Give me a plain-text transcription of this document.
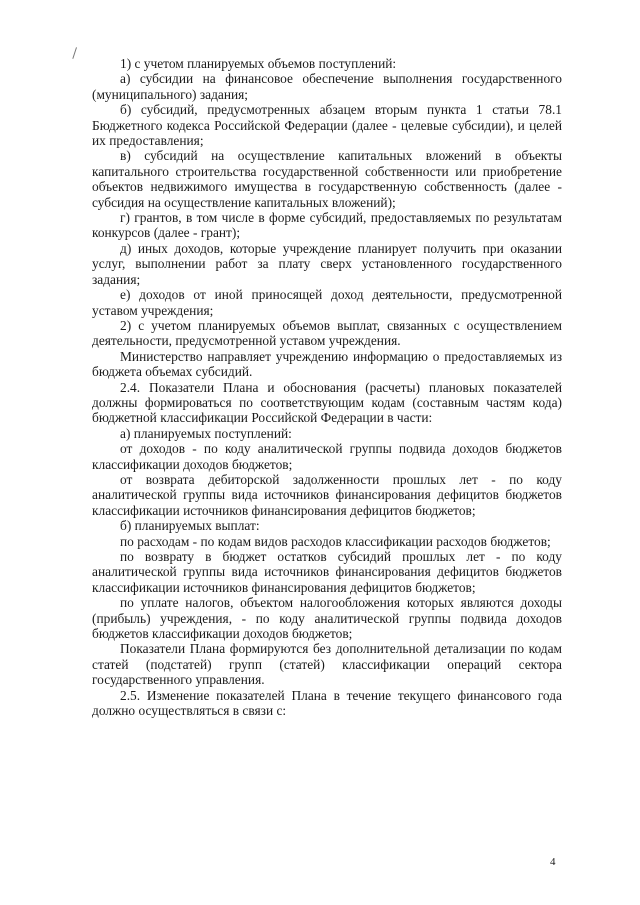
1) с учетом планируемых объемов поступлений:

а) субсидии на финансовое обеспечение выполнения государственного (муниципального) задания;

б) субсидий, предусмотренных абзацем вторым пункта 1 статьи 78.1 Бюджетного кодекса Российской Федерации (далее - целевые субсидии), и целей их предоставления;

в) субсидий на осуществление капитальных вложений в объекты капитального строительства государственной собственности или приобретение объектов недвижимого имущества в государственную собственность (далее - субсидия на осуществление капитальных вложений);

г) грантов, в том числе в форме субсидий, предоставляемых по результатам конкурсов (далее - грант);

д) иных доходов, которые учреждение планирует получить при оказании услуг, выполнении работ за плату сверх установленного государственного задания;

е) доходов от иной приносящей доход деятельности, предусмотренной уставом учреждения;

2) с учетом планируемых объемов выплат, связанных с осуществлением деятельности, предусмотренной уставом учреждения.

Министерство направляет учреждению информацию о предоставляемых из бюджета объемах субсидий.

2.4. Показатели Плана и обоснования (расчеты) плановых показателей должны формироваться по соответствующим кодам (составным частям кода) бюджетной классификации Российской Федерации в части:

а) планируемых поступлений:

от доходов - по коду аналитической группы подвида доходов бюджетов классификации доходов бюджетов;

от возврата дебиторской задолженности прошлых лет - по коду аналитической группы вида источников финансирования дефицитов бюджетов классификации источников финансирования дефицитов бюджетов;

б) планируемых выплат:

по расходам - по кодам видов расходов классификации расходов бюджетов;

по возврату в бюджет остатков субсидий прошлых лет - по коду аналитической группы вида источников финансирования дефицитов бюджетов классификации источников финансирования дефицитов бюджетов;

по уплате налогов, объектом налогообложения которых являются доходы (прибыль) учреждения, - по коду аналитической группы подвида доходов бюджетов классификации доходов бюджетов;

Показатели Плана формируются без дополнительной детализации по кодам статей (подстатей) групп (статей) классификации операций сектора государственного управления.

2.5. Изменение показателей Плана в течение текущего финансового года должно осуществляться в связи с:

4
